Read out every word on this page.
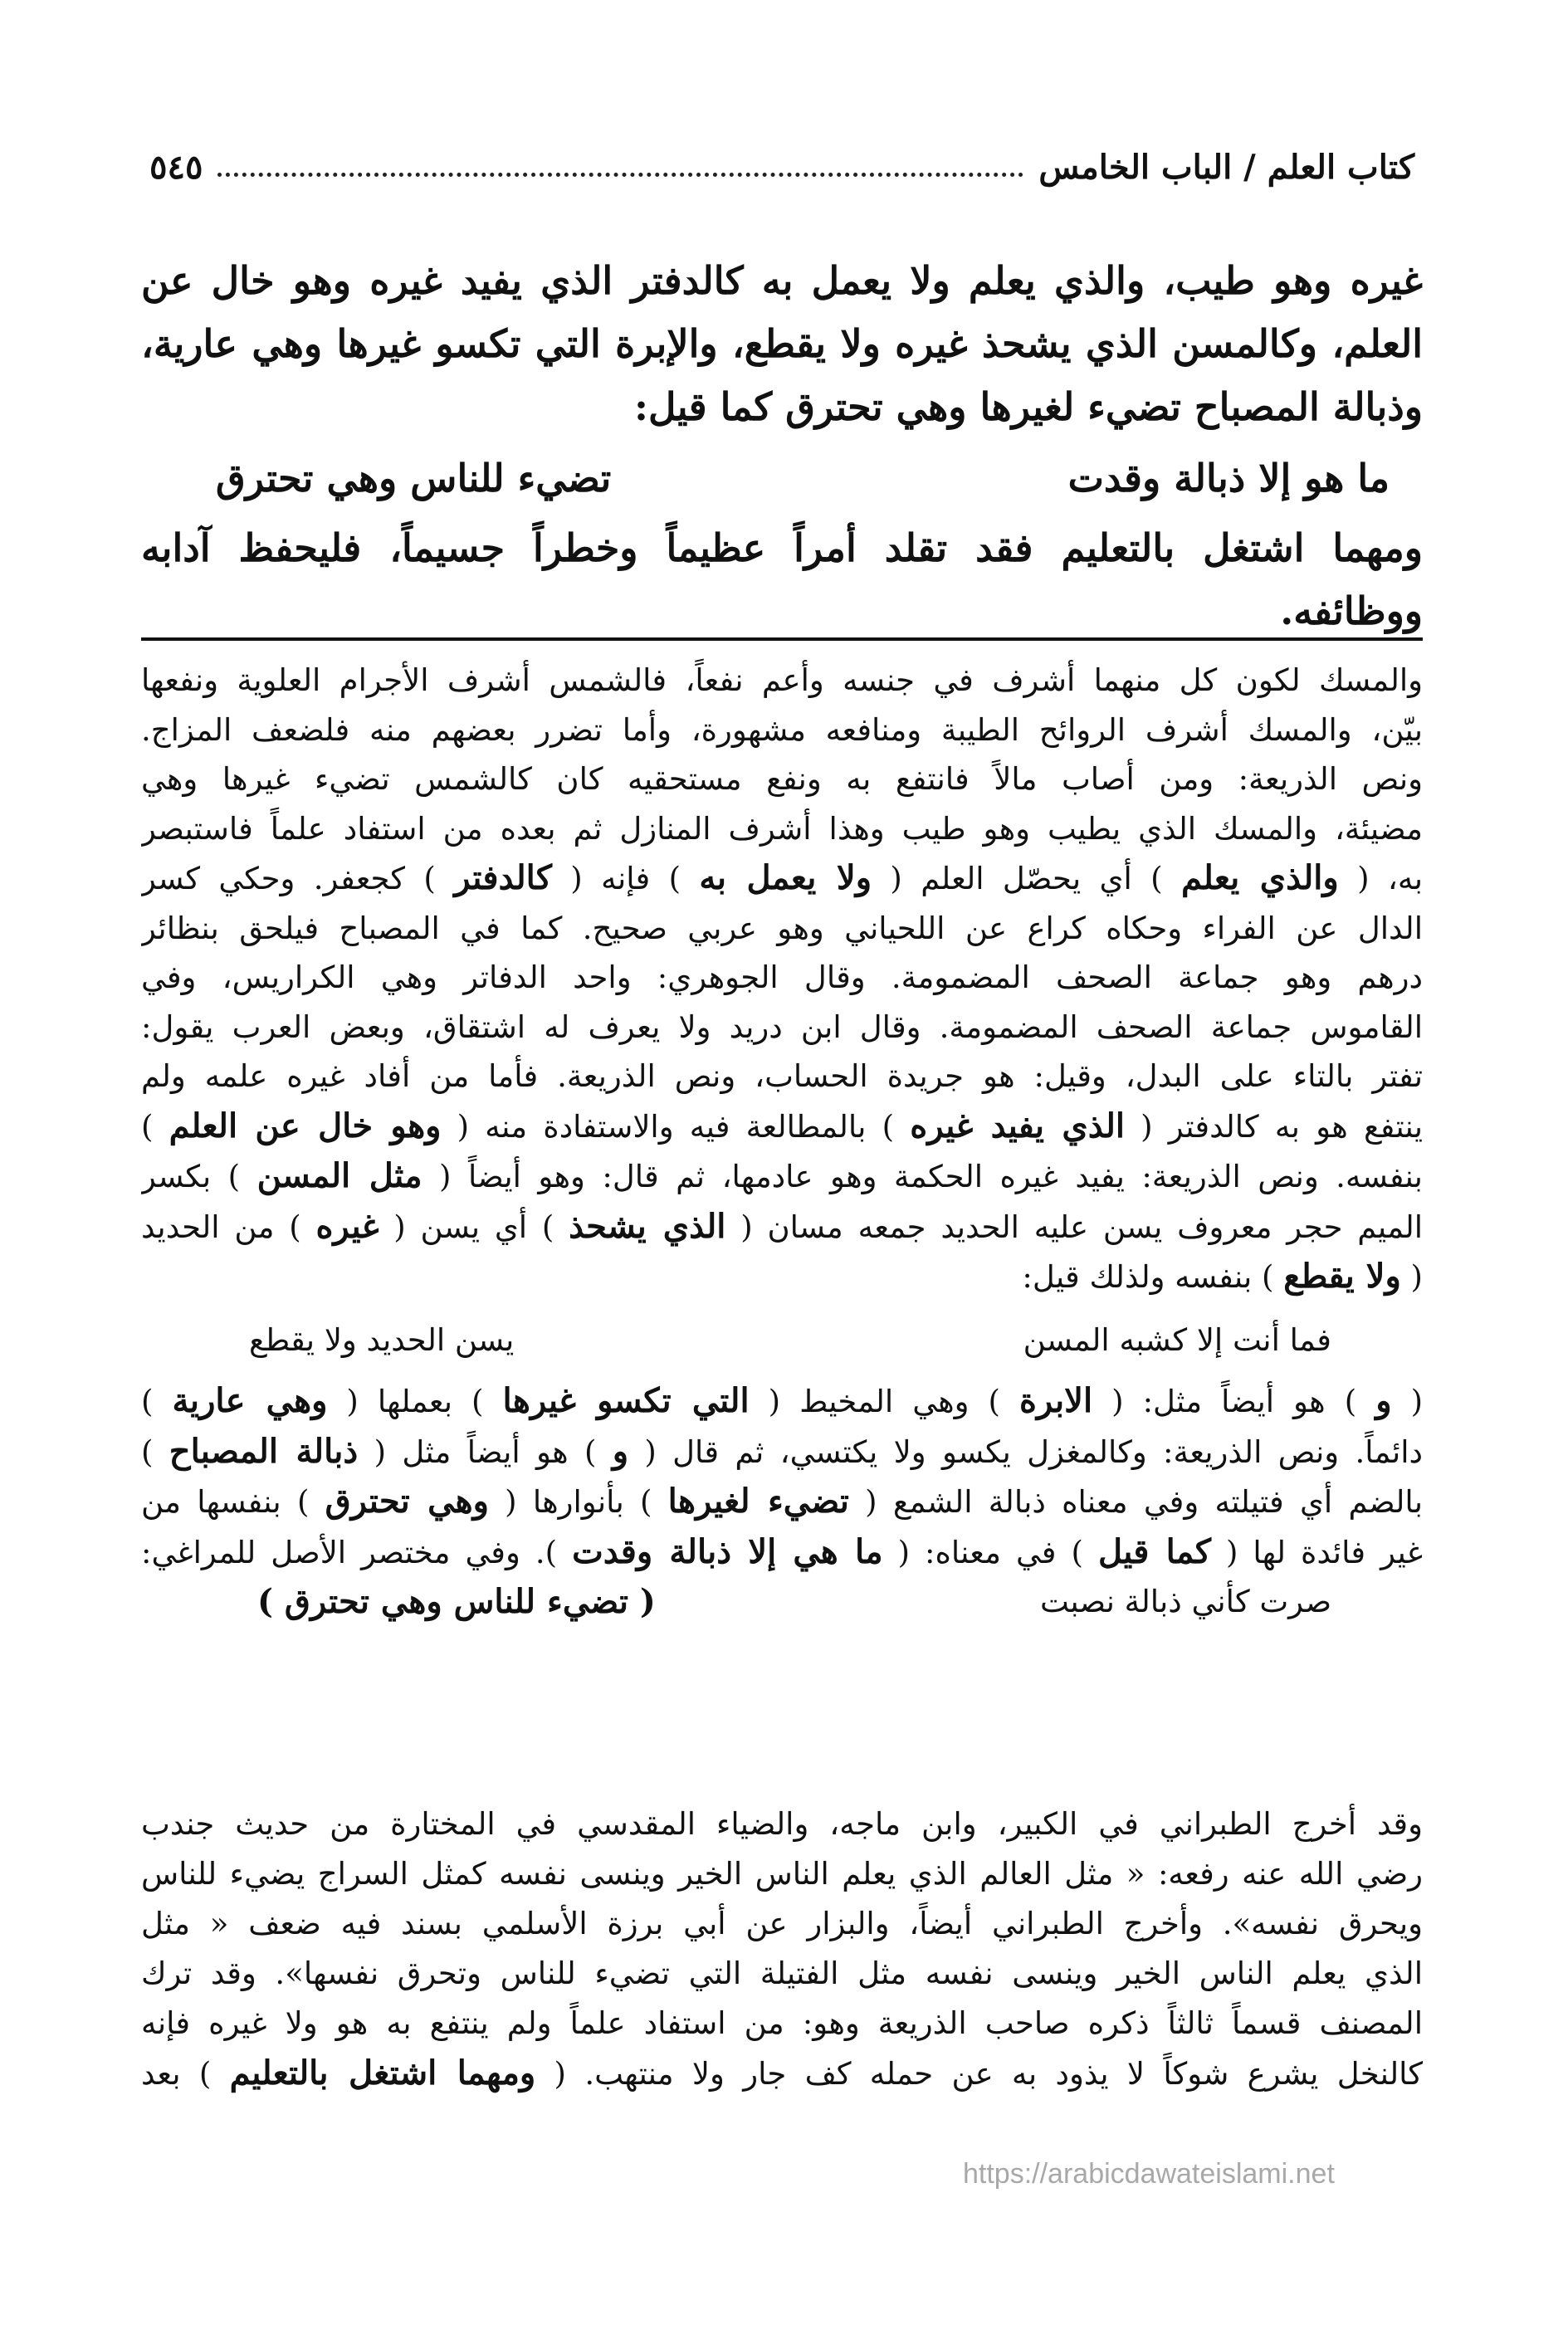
كتاب العلم / الباب الخامس
٥٤٥

غيره وهو طيب، والذي يعلم ولا يعمل به كالدفتر الذي يفيد غيره وهو خال عن العلم، وكالمسن الذي يشحذ غيره ولا يقطع، والإبرة التي تكسو غيرها وهي عارية، وذبالة المصباح تضيء لغيرها وهي تحترق كما قيل:

ما هو إلا ذبالة وقدت
تضيء للناس وهي تحترق

ومهما اشتغل بالتعليم فقد تقلد أمراً عظيماً وخطراً جسيماً، فليحفظ آدابه ووظائفه.

والمسك لكون كل منهما أشرف في جنسه وأعم نفعاً، فالشمس أشرف الأجرام العلوية ونفعها
بيّن، والمسك أشرف الروائح الطيبة ومنافعه مشهورة، وأما تضرر بعضهم منه فلضعف المزاج.
ونص الذريعة: ومن أصاب مالاً فانتفع به ونفع مستحقيه كان كالشمس تضيء غيرها وهي
مضيئة، والمسك الذي يطيب وهو طيب وهذا أشرف المنازل ثم بعده من استفاد علماً فاستبصر
به، ( والذي يعلم ) أي يحصّل العلم ( ولا يعمل به ) فإنه ( كالدفتر ) كجعفر. وحكي كسر
الدال عن الفراء وحكاه كراع عن اللحياني وهو عربي صحيح. كما في المصباح فيلحق بنظائر
درهم وهو جماعة الصحف المضمومة. وقال الجوهري: واحد الدفاتر وهي الكراريس، وفي
القاموس جماعة الصحف المضمومة. وقال ابن دريد ولا يعرف له اشتقاق، وبعض العرب يقول:
تفتر بالتاء على البدل، وقيل: هو جريدة الحساب، ونص الذريعة. فأما من أفاد غيره علمه ولم
ينتفع هو به كالدفتر ( الذي يفيد غيره ) بالمطالعة فيه والاستفادة منه ( وهو خال عن العلم )
بنفسه. ونص الذريعة: يفيد غيره الحكمة وهو عادمها، ثم قال: وهو أيضاً ( مثل المسن ) بكسر
الميم حجر معروف يسن عليه الحديد جمعه مسان ( الذي يشحذ ) أي يسن ( غيره ) من الحديد
( ولا يقطع ) بنفسه ولذلك قيل:
فما أنت إلا كشبه المسن
يسن الحديد ولا يقطع
( و ) هو أيضاً مثل: ( الابرة ) وهي المخيط ( التي تكسو غيرها ) بعملها ( وهي عارية )
دائماً. ونص الذريعة: وكالمغزل يكسو ولا يكتسي، ثم قال ( و ) هو أيضاً مثل ( ذبالة المصباح )
بالضم أي فتيلته وفي معناه ذبالة الشمع ( تضيء لغيرها ) بأنوارها ( وهي تحترق ) بنفسها من
غير فائدة لها ( كما قيل ) في معناه: ( ما هي إلا ذبالة وقدت ). وفي مختصر الأصل للمراغي:
صرت كأني ذبالة نصبت
( تضيء للناس وهي تحترق )
وقد أخرج الطبراني في الكبير، وابن ماجه، والضياء المقدسي في المختارة من حديث جندب
رضي الله عنه رفعه: « مثل العالم الذي يعلم الناس الخير وينسى نفسه كمثل السراج يضيء للناس
ويحرق نفسه». وأخرج الطبراني أيضاً، والبزار عن أبي برزة الأسلمي بسند فيه ضعف « مثل
الذي يعلم الناس الخير وينسى نفسه مثل الفتيلة التي تضيء للناس وتحرق نفسها». وقد ترك
المصنف قسماً ثالثاً ذكره صاحب الذريعة وهو: من استفاد علماً ولم ينتفع به هو ولا غيره فإنه
كالنخل يشرع شوكاً لا يذود به عن حمله كف جار ولا منتهب. ( ومهما اشتغل بالتعليم ) بعد
https://arabicdawateislami.net
